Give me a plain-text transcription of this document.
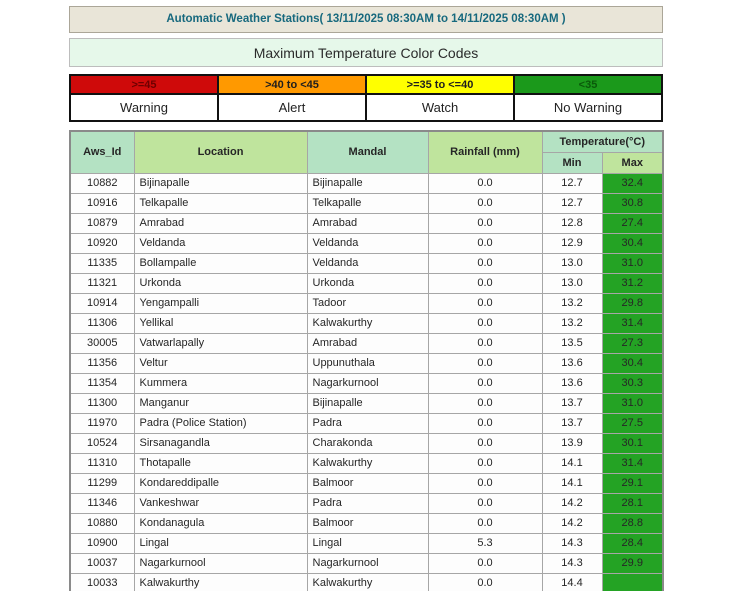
Automatic Weather Stations( 13/11/2025 08:30AM to 14/11/2025 08:30AM )
Maximum Temperature Color Codes
>=45	>40 to <45	>=35 to <=40	<35
Warning	Alert	Watch	No Warning
Aws_Id	Location	Mandal	Rainfall (mm)	Temperature(°C)	
				Min	Max
10882	Bijinapalle	Bijinapalle	0.0	12.7	32.4
10916	Telkapalle	Telkapalle	0.0	12.7	30.8
10879	Amrabad	Amrabad	0.0	12.8	27.4
10920	Veldanda	Veldanda	0.0	12.9	30.4
11335	Bollampalle	Veldanda	0.0	13.0	31.0
11321	Urkonda	Urkonda	0.0	13.0	31.2
10914	Yengampalli	Tadoor	0.0	13.2	29.8
11306	Yellikal	Kalwakurthy	0.0	13.2	31.4
30005	Vatwarlapally	Amrabad	0.0	13.5	27.3
11356	Veltur	Uppunuthala	0.0	13.6	30.4
11354	Kummera	Nagarkurnool	0.0	13.6	30.3
11300	Manganur	Bijinapalle	0.0	13.7	31.0
11970	Padra (Police Station)	Padra	0.0	13.7	27.5
10524	Sirsanagandla	Charakonda	0.0	13.9	30.1
11310	Thotapalle	Kalwakurthy	0.0	14.1	31.4
11299	Kondareddipalle	Balmoor	0.0	14.1	29.1
11346	Vankeshwar	Padra	0.0	14.2	28.1
10880	Kondanagula	Balmoor	0.0	14.2	28.8
10900	Lingal	Lingal	5.3	14.3	28.4
10037	Nagarkurnool	Nagarkurnool	0.0	14.3	29.9
10033	Kalwakurthy	Kalwakurthy	0.0	14.4	
